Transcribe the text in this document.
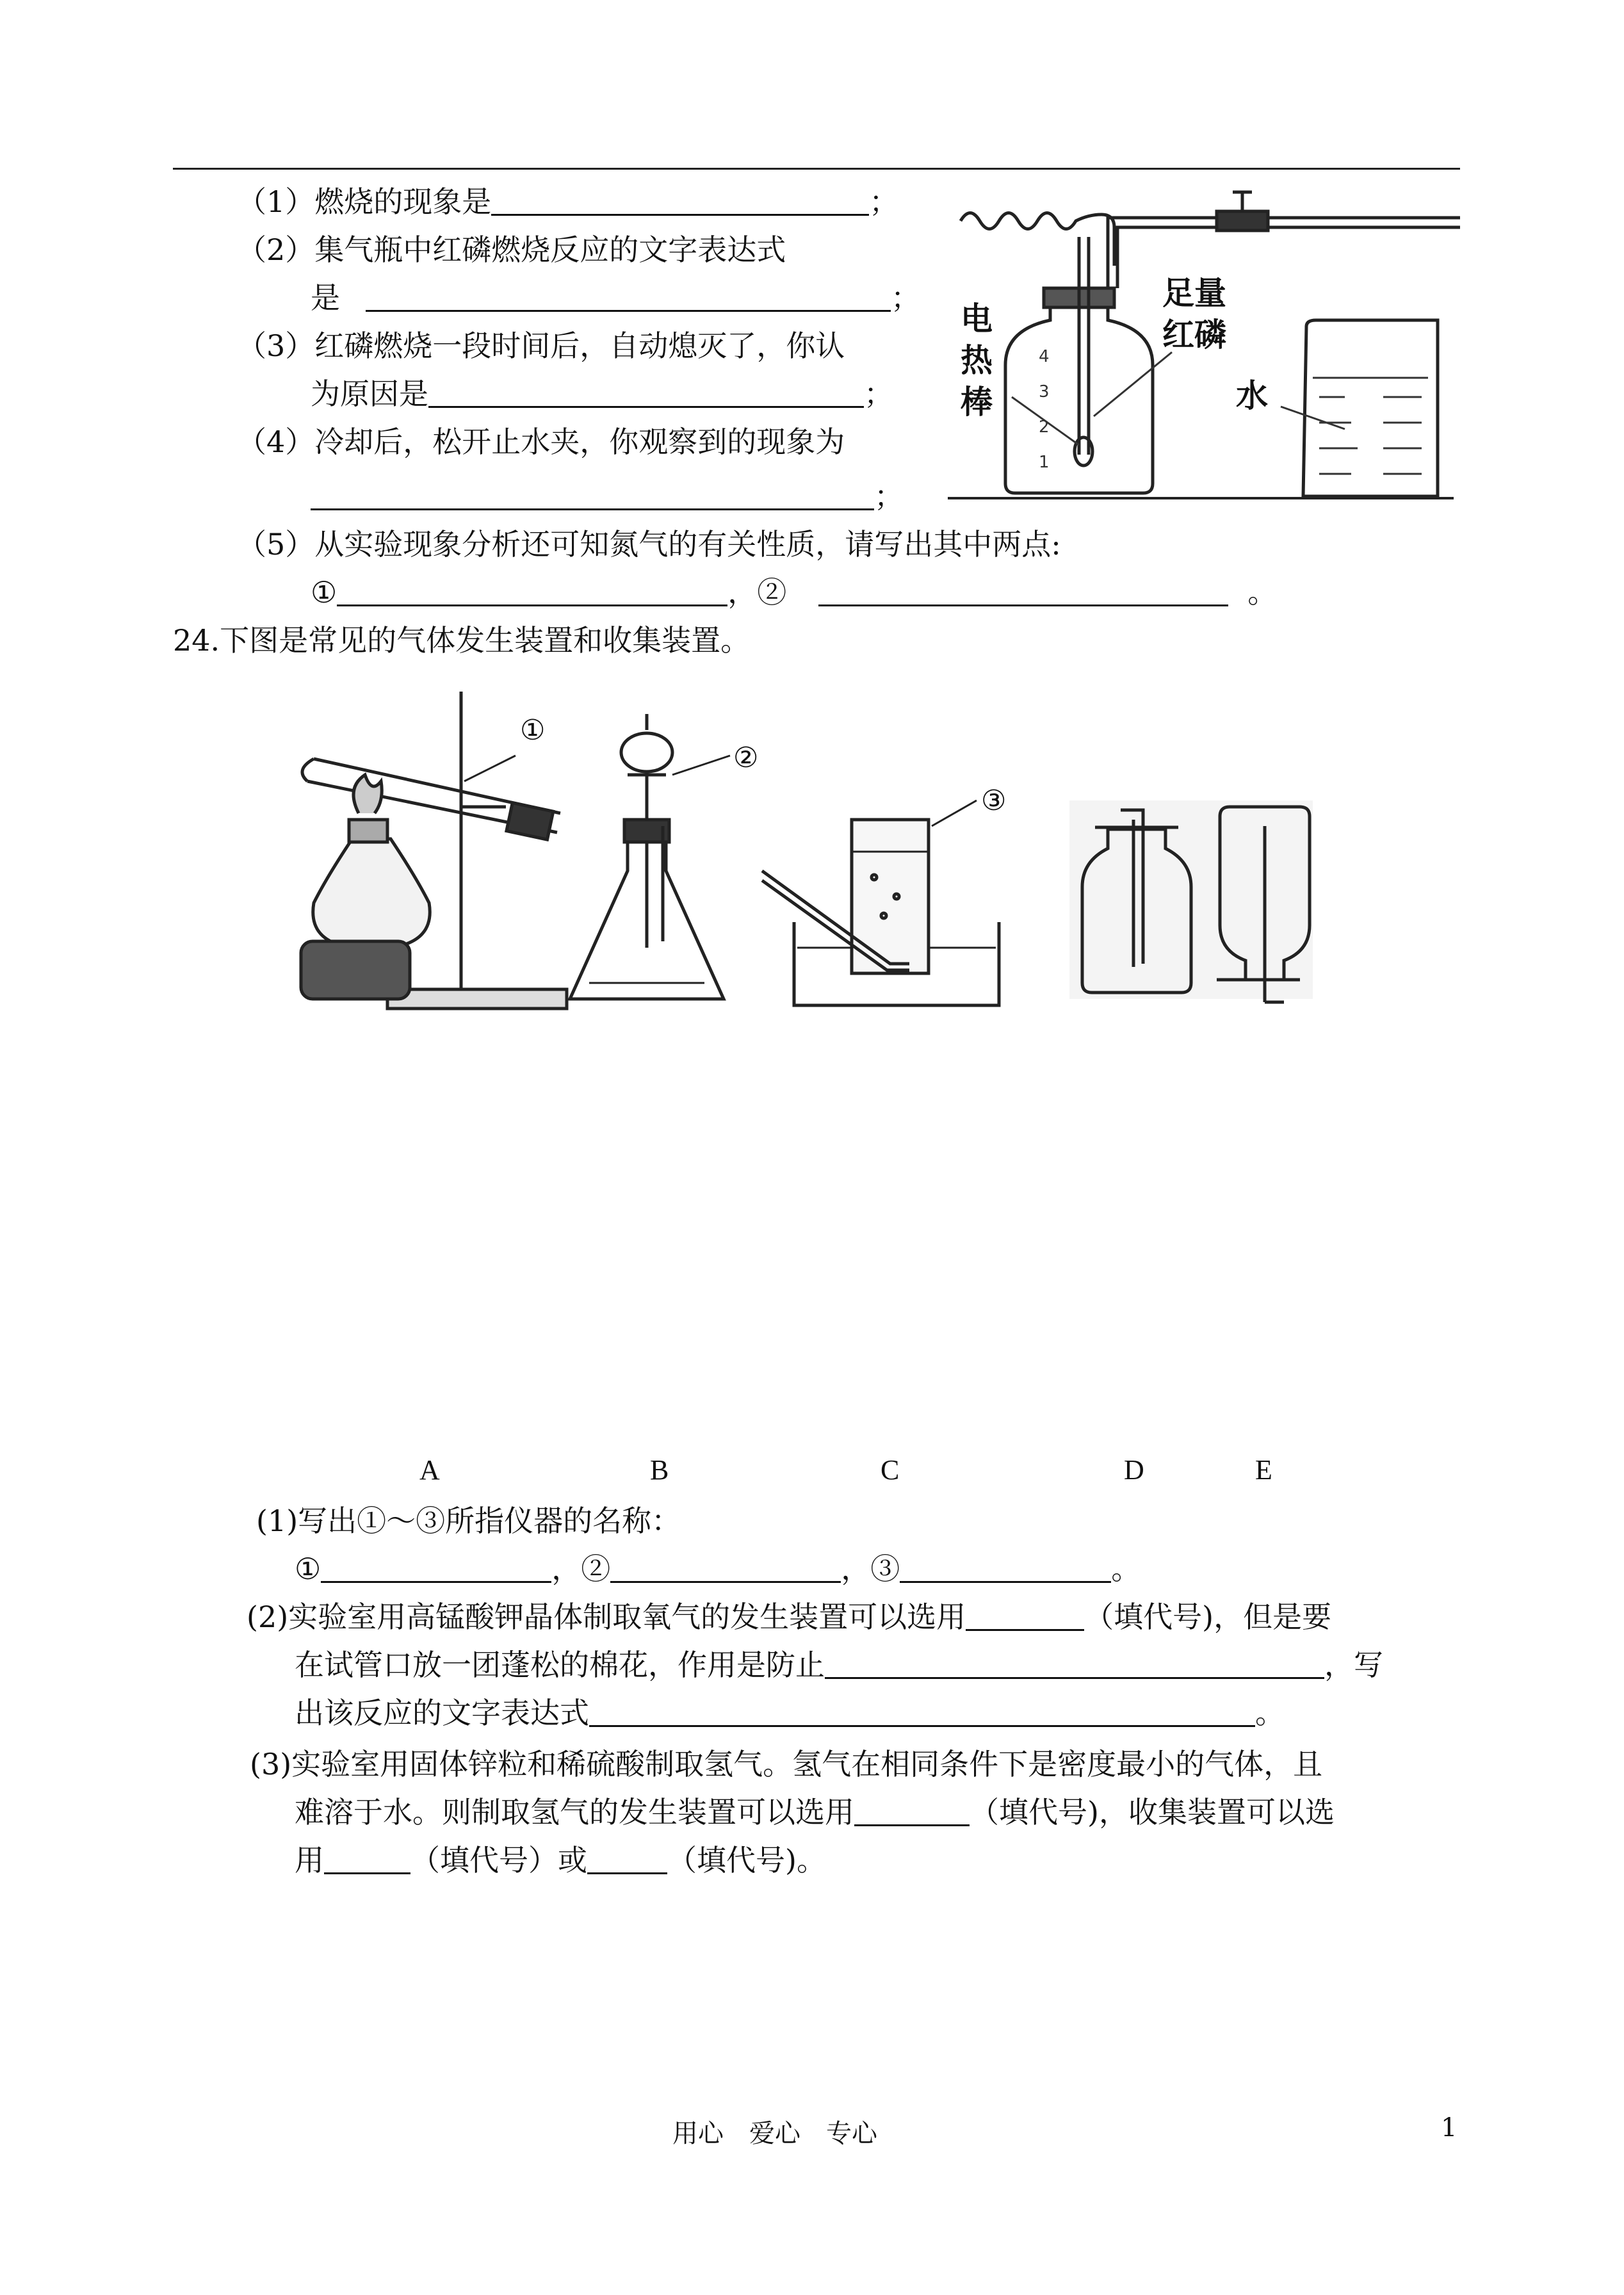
（1）燃烧的现象是	；
（2）集气瓶中红磷燃烧反应的文字表达式
是	；
（3）红磷燃烧一段时间后，自动熄灭了，你认
为原因是	；
（4）冷却后，松开止水夹，你观察到的现象为
；
（5）从实验现象分析还可知氮气的有关性质，请写出其中两点:
①	，②	。
4
3
2
1
电
热
棒
足量
红磷
水
24.下图是常见的气体发生装置和收集装置。
①
②
③
A	B	C	D	E
(1)写出①～③所指仪器的名称：
①	，②	，③	。
(2)实验室用高锰酸钾晶体制取氧气的发生装置可以选用	（填代号)，但是要
在试管口放一团蓬松的棉花，作用是防止	，写
出该反应的文字表达式	。
(3)实验室用固体锌粒和稀硫酸制取氢气。氢气在相同条件下是密度最小的气体，且
难溶于水。则制取氢气的发生装置可以选用	（填代号)，收集装置可以选
用	（填代号）或	（填代号)。
用心　爱心　专心	1
